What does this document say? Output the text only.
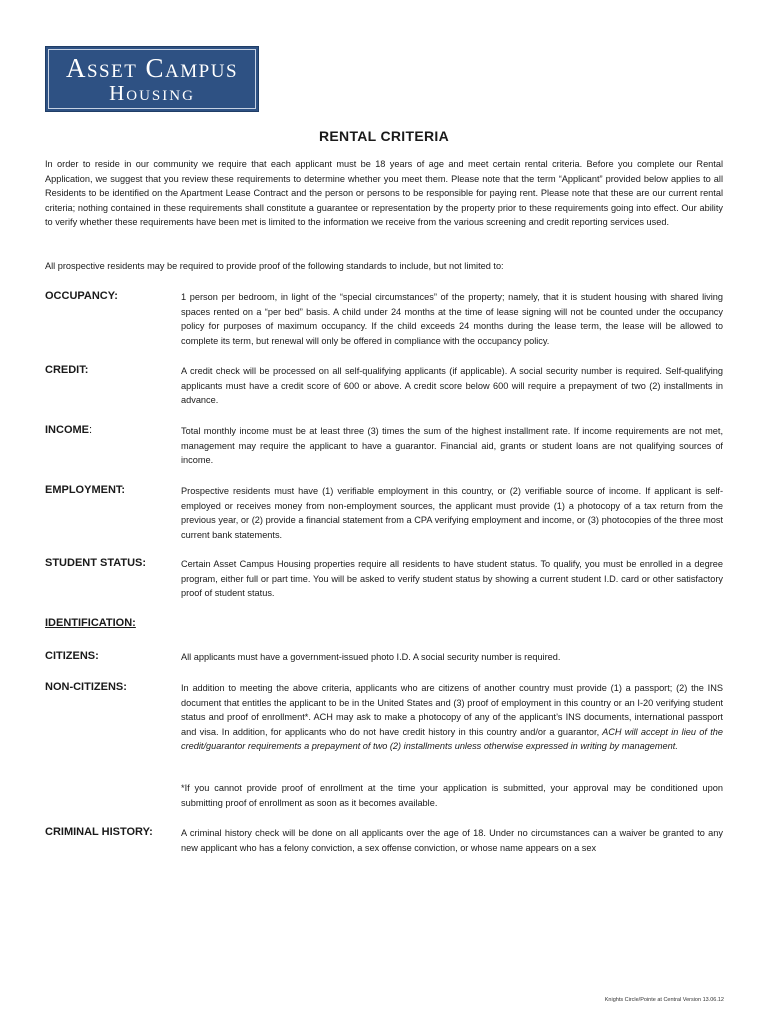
Asset Campus
Housing
RENTAL CRITERIA

In order to reside in our community we require that each applicant must be 18 years of age and meet certain rental criteria. Before you complete our Rental Application, we suggest that you review these requirements to determine whether you meet them. Please note that the term “Applicant” provided below applies to all Residents to be identified on the Apartment Lease Contract and the person or persons to be responsible for paying rent. Please note that these are our current rental criteria; nothing contained in these requirements shall constitute a guarantee or representation by the property prior to these requirements going into effect. Our ability to verify whether these requirements have been met is limited to the information we receive from the various screening and credit reporting services used.

All prospective residents may be required to provide proof of the following standards to include, but not limited to:

OCCUPANCY:	1 person per bedroom, in light of the “special circumstances” of the property; namely, that it is student housing with shared living spaces rented on a “per bed” basis. A child under 24 months at the time of lease signing will not be counted under the occupancy policy for purposes of maximum occupancy. If the child exceeds 24 months during the lease term, the lease will be allowed to complete its term, but renewal will only be offered in compliance with the occupancy policy.

CREDIT:	A credit check will be processed on all self-qualifying applicants (if applicable). A social security number is required. Self-qualifying applicants must have a credit score of 600 or above. A credit score below 600 will require a prepayment of two (2) installments in advance.

INCOME:	Total monthly income must be at least three (3) times the sum of the highest installment rate. If income requirements are not met, management may require the applicant to have a guarantor. Financial aid, grants or student loans are not qualifying sources of income.

EMPLOYMENT:	Prospective residents must have (1) verifiable employment in this country, or (2) verifiable source of income. If applicant is self-employed or receives money from non-employment sources, the applicant must provide (1) a photocopy of a tax return from the previous year, or (2) provide a financial statement from a CPA verifying employment and income, or (3) photocopies of the three most current bank statements.

STUDENT STATUS:	Certain Asset Campus Housing properties require all residents to have student status. To qualify, you must be enrolled in a degree program, either full or part time. You will be asked to verify student status by showing a current student I.D. card or other satisfactory proof of student status.

IDENTIFICATION:
CITIZENS:	All applicants must have a government-issued photo I.D. A social security number is required.

NON-CITIZENS:	In addition to meeting the above criteria, applicants who are citizens of another country must provide (1) a passport; (2) the INS document that entitles the applicant to be in the United States and (3) proof of employment in this country or an I-20 verifying student status and proof of enrollment*. ACH may ask to make a photocopy of any of the applicant’s INS documents, international passport and visa. In addition, for applicants who do not have credit history in this country and/or a guarantor, ACH will accept in lieu of the credit/guarantor requirements a prepayment of two (2) installments unless otherwise expressed in writing by management.

*If you cannot provide proof of enrollment at the time your application is submitted, your approval may be conditioned upon submitting proof of enrollment as soon as it becomes available.

CRIMINAL HISTORY:	A criminal history check will be done on all applicants over the age of 18. Under no circumstances can a waiver be granted to any new applicant who has a felony conviction, a sex offense conviction, or whose name appears on a sex

Knights Circle/Pointe at Central Version 13.06.12
